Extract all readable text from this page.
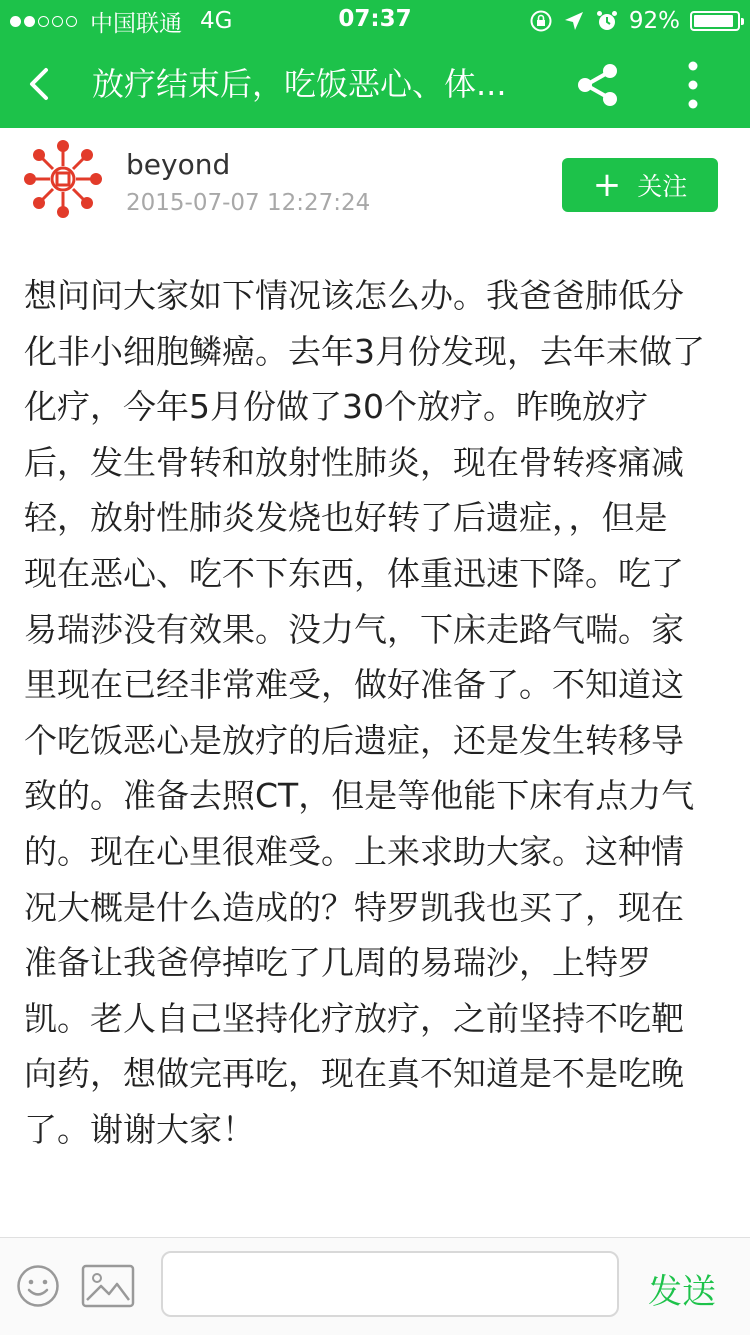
中国联通 4G	07:37	92%
放疗结束后，吃饭恶心、体...
beyond
2015-07-07 12:27:24	+ 关注
想问问大家如下情况该怎么办。我爸爸肺低分
化非小细胞鳞癌。去年3月份发现，去年末做了
化疗，今年5月份做了30个放疗。昨晚放疗
后，发生骨转和放射性肺炎，现在骨转疼痛减
轻，放射性肺炎发烧也好转了后遗症，，但是
现在恶心、吃不下东西，体重迅速下降。吃了
易瑞莎没有效果。没力气，下床走路气喘。家
里现在已经非常难受，做好准备了。不知道这
个吃饭恶心是放疗的后遗症，还是发生转移导
致的。准备去照CT，但是等他能下床有点力气
的。现在心里很难受。上来求助大家。这种情
况大概是什么造成的？特罗凯我也买了，现在
准备让我爸停掉吃了几周的易瑞沙，上特罗
凯。老人自己坚持化疗放疗，之前坚持不吃靶
向药，想做完再吃，现在真不知道是不是吃晚
了。谢谢大家！
发送
